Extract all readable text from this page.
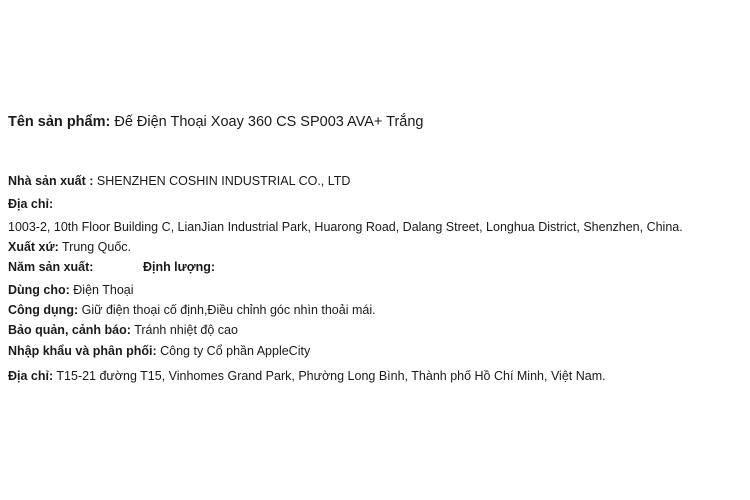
Tên sản phẩm: Đế Điện Thoại Xoay 360 CS SP003 AVA+ Trắng
Nhà sản xuất : SHENZHEN COSHIN INDUSTRIAL CO., LTD
Địa chỉ:
1003-2, 10th Floor Building C, LianJian Industrial Park, Huarong Road, Dalang Street, Longhua District, Shenzhen, China.
Xuất xứ: Trung Quốc.
Năm sản xuất:	Định lượng:
Dùng cho: Điện Thoại
Công dụng: Giữ điện thoại cố định,Điều chỉnh góc nhìn thoải mái.
Bảo quản, cảnh báo: Tránh nhiệt độ cao
Nhập khẩu và phân phối: Công ty Cổ phần AppleCity
Địa chỉ: T15-21 đường T15, Vinhomes Grand Park, Phường Long Bình, Thành phố Hồ Chí Minh, Việt Nam.
